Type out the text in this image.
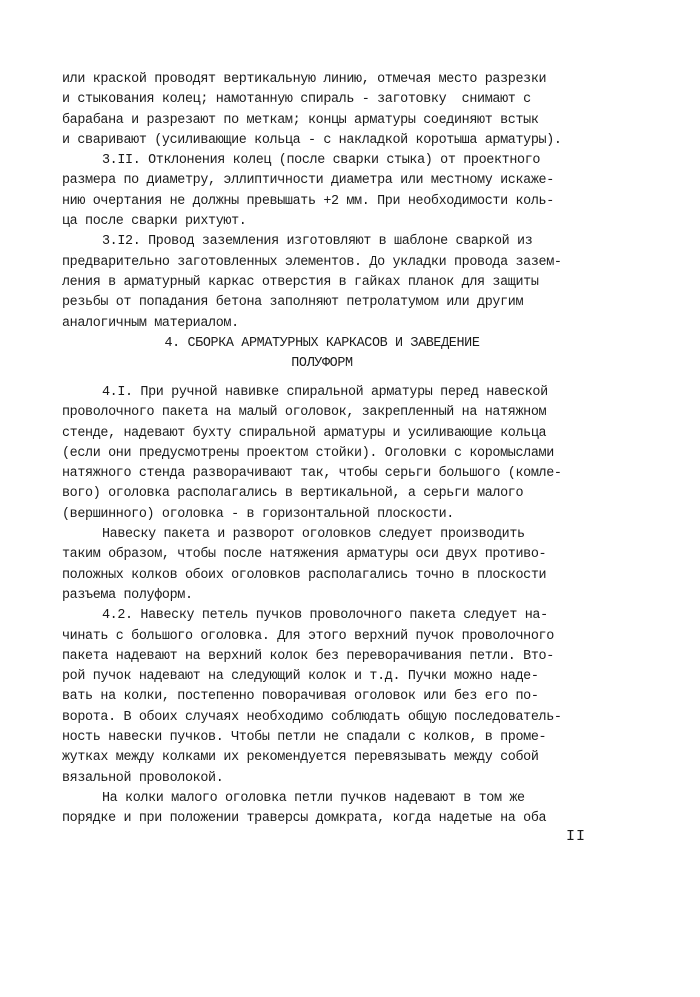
или краской проводят вертикальную линию, отмечая место разрезки
и стыкования колец; намотанную спираль - заготовку  снимают с
барабана и разрезают по меткам; концы арматуры соединяют встык
и сваривают (усиливающие кольца - с накладкой коротыша арматуры).
3.II. Отклонения колец (после сварки стыка) от проектного
размера по диаметру, эллиптичности диаметра или местному искаже-
нию очертания не должны превышать +2 мм. При необходимости коль-
ца после сварки рихтуют.
3.I2. Провод заземления изготовляют в шаблоне сваркой из
предварительно заготовленных элементов. До укладки провода зазем-
ления в арматурный каркас отверстия в гайках планок для защиты
резьбы от попадания бетона заполняют петролатумом или другим
аналогичным материалом.
4. СБОРКА АРМАТУРНЫХ КАРКАСОВ И ЗАВЕДЕНИЕ
ПОЛУФОРМ
4.I. При ручной навивке спиральной арматуры перед навеской
проволочного пакета на малый оголовок, закрепленный на натяжном
стенде, надевают бухту спиральной арматуры и усиливающие кольца
(если они предусмотрены проектом стойки). Оголовки с коромыслами
натяжного стенда разворачивают так, чтобы серьги большого (комле-
вого) оголовка располагались в вертикальной, а серьги малого
(вершинного) оголовка - в горизонтальной плоскости.
Навеску пакета и разворот оголовков следует производить
таким образом, чтобы после натяжения арматуры оси двух противо-
положных колков обоих оголовков располагались точно в плоскости
разъема полуформ.
4.2. Навеску петель пучков проволочного пакета следует на-
чинать с большого оголовка. Для этого верхний пучок проволочного
пакета надевают на верхний колок без переворачивания петли. Вто-
рой пучок надевают на следующий колок и т.д. Пучки можно наде-
вать на колки, постепенно поворачивая оголовок или без его по-
ворота. В обоих случаях необходимо соблюдать общую последователь-
ность навески пучков. Чтобы петли не спадали с колков, в проме-
жутках между колками их рекомендуется перевязывать между собой
вязальной проволокой.
На колки малого оголовка петли пучков надевают в том же
порядке и при положении траверсы домкрата, когда надетые на оба
II
